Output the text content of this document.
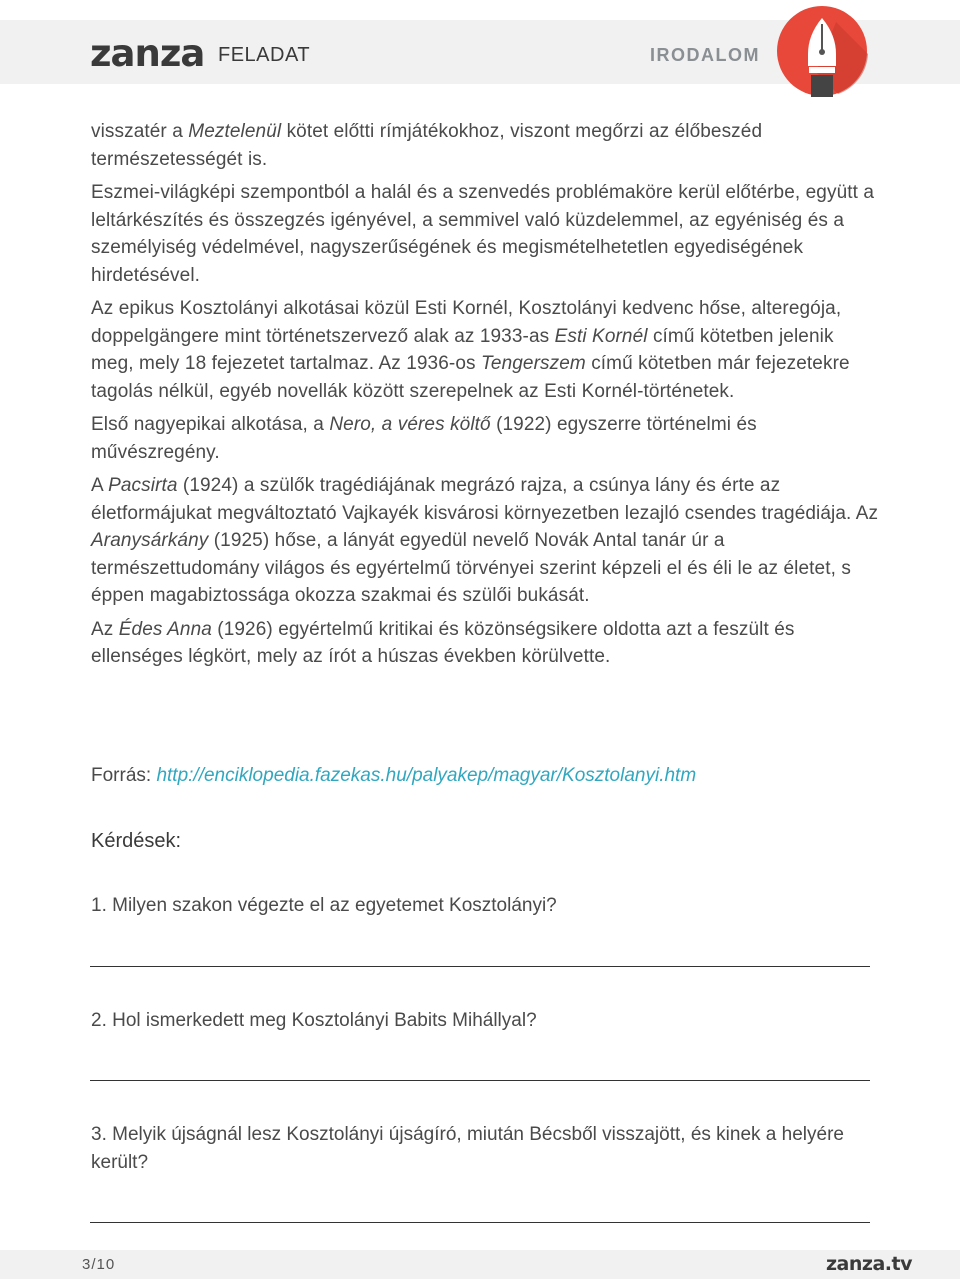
zanza FELADAT	IRODALOM

visszatér a Meztelenül kötet előtti rímjátékokhoz, viszont megőrzi az élőbeszéd természetességét is.

Eszmei-világképi szempontból a halál és a szenvedés problémaköre kerül előtérbe, együtt a leltárkészítés és összegzés igényével, a semmivel való küzdelemmel, az egyéniség és a személyiség védelmével, nagyszerűségének és megismételhetetlen egyediségének hirdetésével.

Az epikus Kosztolányi alkotásai közül Esti Kornél, Kosztolányi kedvenc hőse, alteregója, doppelgängere mint történetszervező alak az 1933-as Esti Kornél című kötetben jelenik meg, mely 18 fejezetet tartalmaz. Az 1936-os Tengerszem című kötetben már fejezetekre tagolás nélkül, egyéb novellák között szerepelnek az Esti Kornél-történetek.

Első nagyepikai alkotása, a Nero, a véres költő (1922) egyszerre történelmi és művészregény.

A Pacsirta (1924) a szülők tragédiájának megrázó rajza, a csúnya lány és érte az életformájukat megváltoztató Vajkayék kisvárosi környezetben lezajló csendes tragédiája. Az Aranysárkány (1925) hőse, a lányát egyedül nevelő Novák Antal tanár úr a természettudomány világos és egyértelmű törvényei szerint képzeli el és éli le az életet, s éppen magabiztossága okozza szakmai és szülői bukását.

Az Édes Anna (1926) egyértelmű kritikai és közönségsikere oldotta azt a feszült és ellenséges légkört, mely az írót a húszas években körülvette.

Forrás: http://enciklopedia.fazekas.hu/palyakep/magyar/Kosztolanyi.htm
Kérdések:
1. Milyen szakon végezte el az egyetemet Kosztolányi?
2. Hol ismerkedett meg Kosztolányi Babits Mihállyal?
3. Melyik újságnál lesz Kosztolányi újságíró, miután Bécsből visszajött, és kinek a helyére került?
3/10	zanza.tv
